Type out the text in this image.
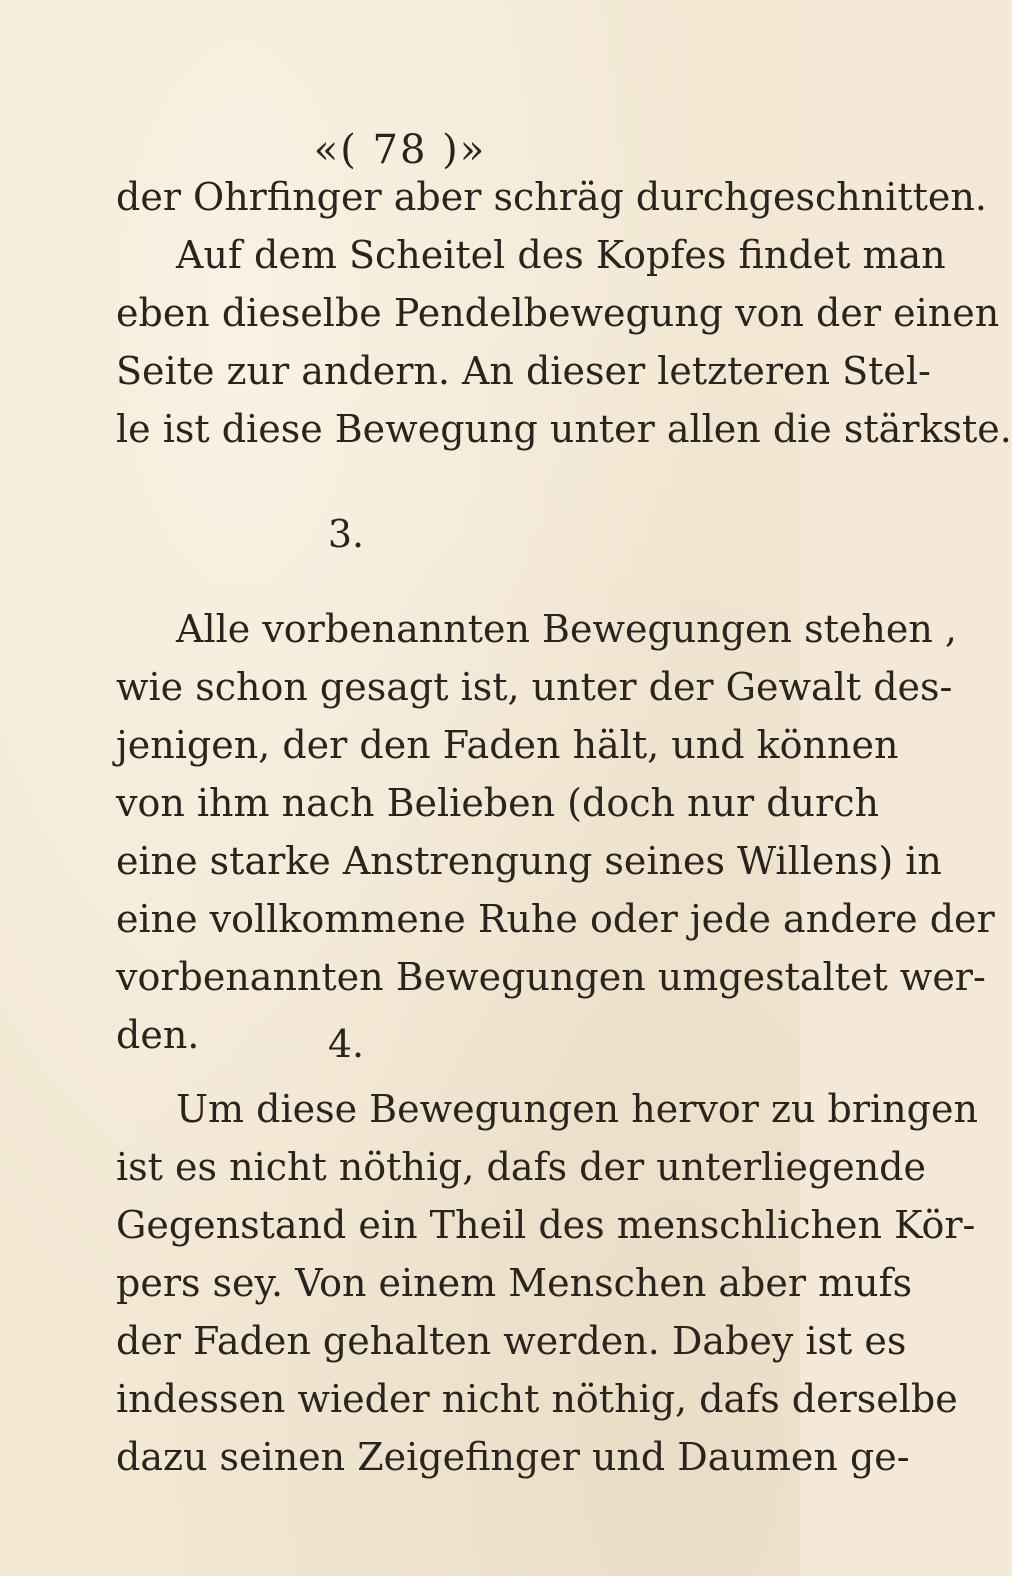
«( 78 )»
der Ohrfinger aber schräg durchgeschnitten.
Auf dem Scheitel des Kopfes findet man
eben dieselbe Pendelbewegung von der einen
Seite zur andern. An dieser letzteren Stel-
le ist diese Bewegung unter allen die stärkste.
3.
Alle vorbenannten Bewegungen stehen ,
wie schon gesagt ist, unter der Gewalt des-
jenigen, der den Faden hält, und können
von ihm nach Belieben (doch nur durch
eine starke Anstrengung seines Willens) in
eine vollkommene Ruhe oder jede andere der
vorbenannten Bewegungen umgestaltet wer-
den.	4.
Um diese Bewegungen hervor zu bringen
ist es nicht nöthig, dafs der unterliegende
Gegenstand ein Theil des menschlichen Kör-
pers sey. Von einem Menschen aber mufs
der Faden gehalten werden. Dabey ist es
indessen wieder nicht nöthig, dafs derselbe
dazu seinen Zeigefinger und Daumen ge-
